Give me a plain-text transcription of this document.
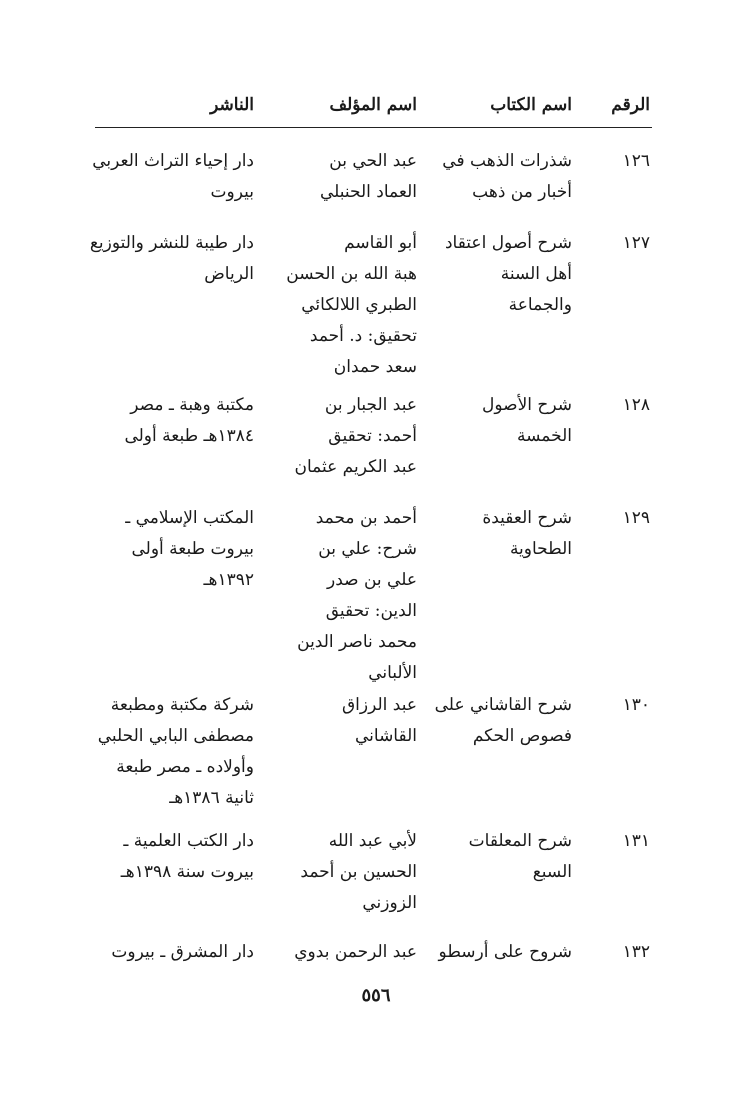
الرقم
اسم الكتاب
اسم المؤلف
الناشر
١٢٦
شذرات الذهب في
أخبار من ذهب
عبد الحي بن
العماد الحنبلي
دار إحياء التراث العربي
بيروت
١٢٧
شرح أصول اعتقاد
أهل السنة
والجماعة
أبو القاسم
هبة الله بن الحسن
الطبري اللالكائي
تحقيق: د. أحمد
سعد حمدان
دار طيبة للنشر والتوزيع
الرياض
١٢٨
شرح الأصول
الخمسة
عبد الجبار بن
أحمد: تحقيق
عبد الكريم عثمان
مكتبة وهبة ـ مصر
١٣٨٤هـ طبعة أولى
١٢٩
شرح العقيدة
الطحاوية
أحمد بن محمد
شرح: علي بن
علي بن صدر
الدين: تحقيق
محمد ناصر الدين
الألباني
المكتب الإسلامي ـ
بيروت طبعة أولى
١٣٩٢هـ
١٣٠
شرح القاشاني على
فصوص الحكم
عبد الرزاق
القاشاني
شركة مكتبة ومطبعة
مصطفى البابي الحلبي
وأولاده ـ مصر طبعة
ثانية ١٣٨٦هـ
١٣١
شرح المعلقات
السبع
لأبي عبد الله
الحسين بن أحمد
الزوزني
دار الكتب العلمية ـ
بيروت سنة ١٣٩٨هـ
١٣٢
شروح على أرسطو
عبد الرحمن بدوي
دار المشرق ـ بيروت
٥٥٦
